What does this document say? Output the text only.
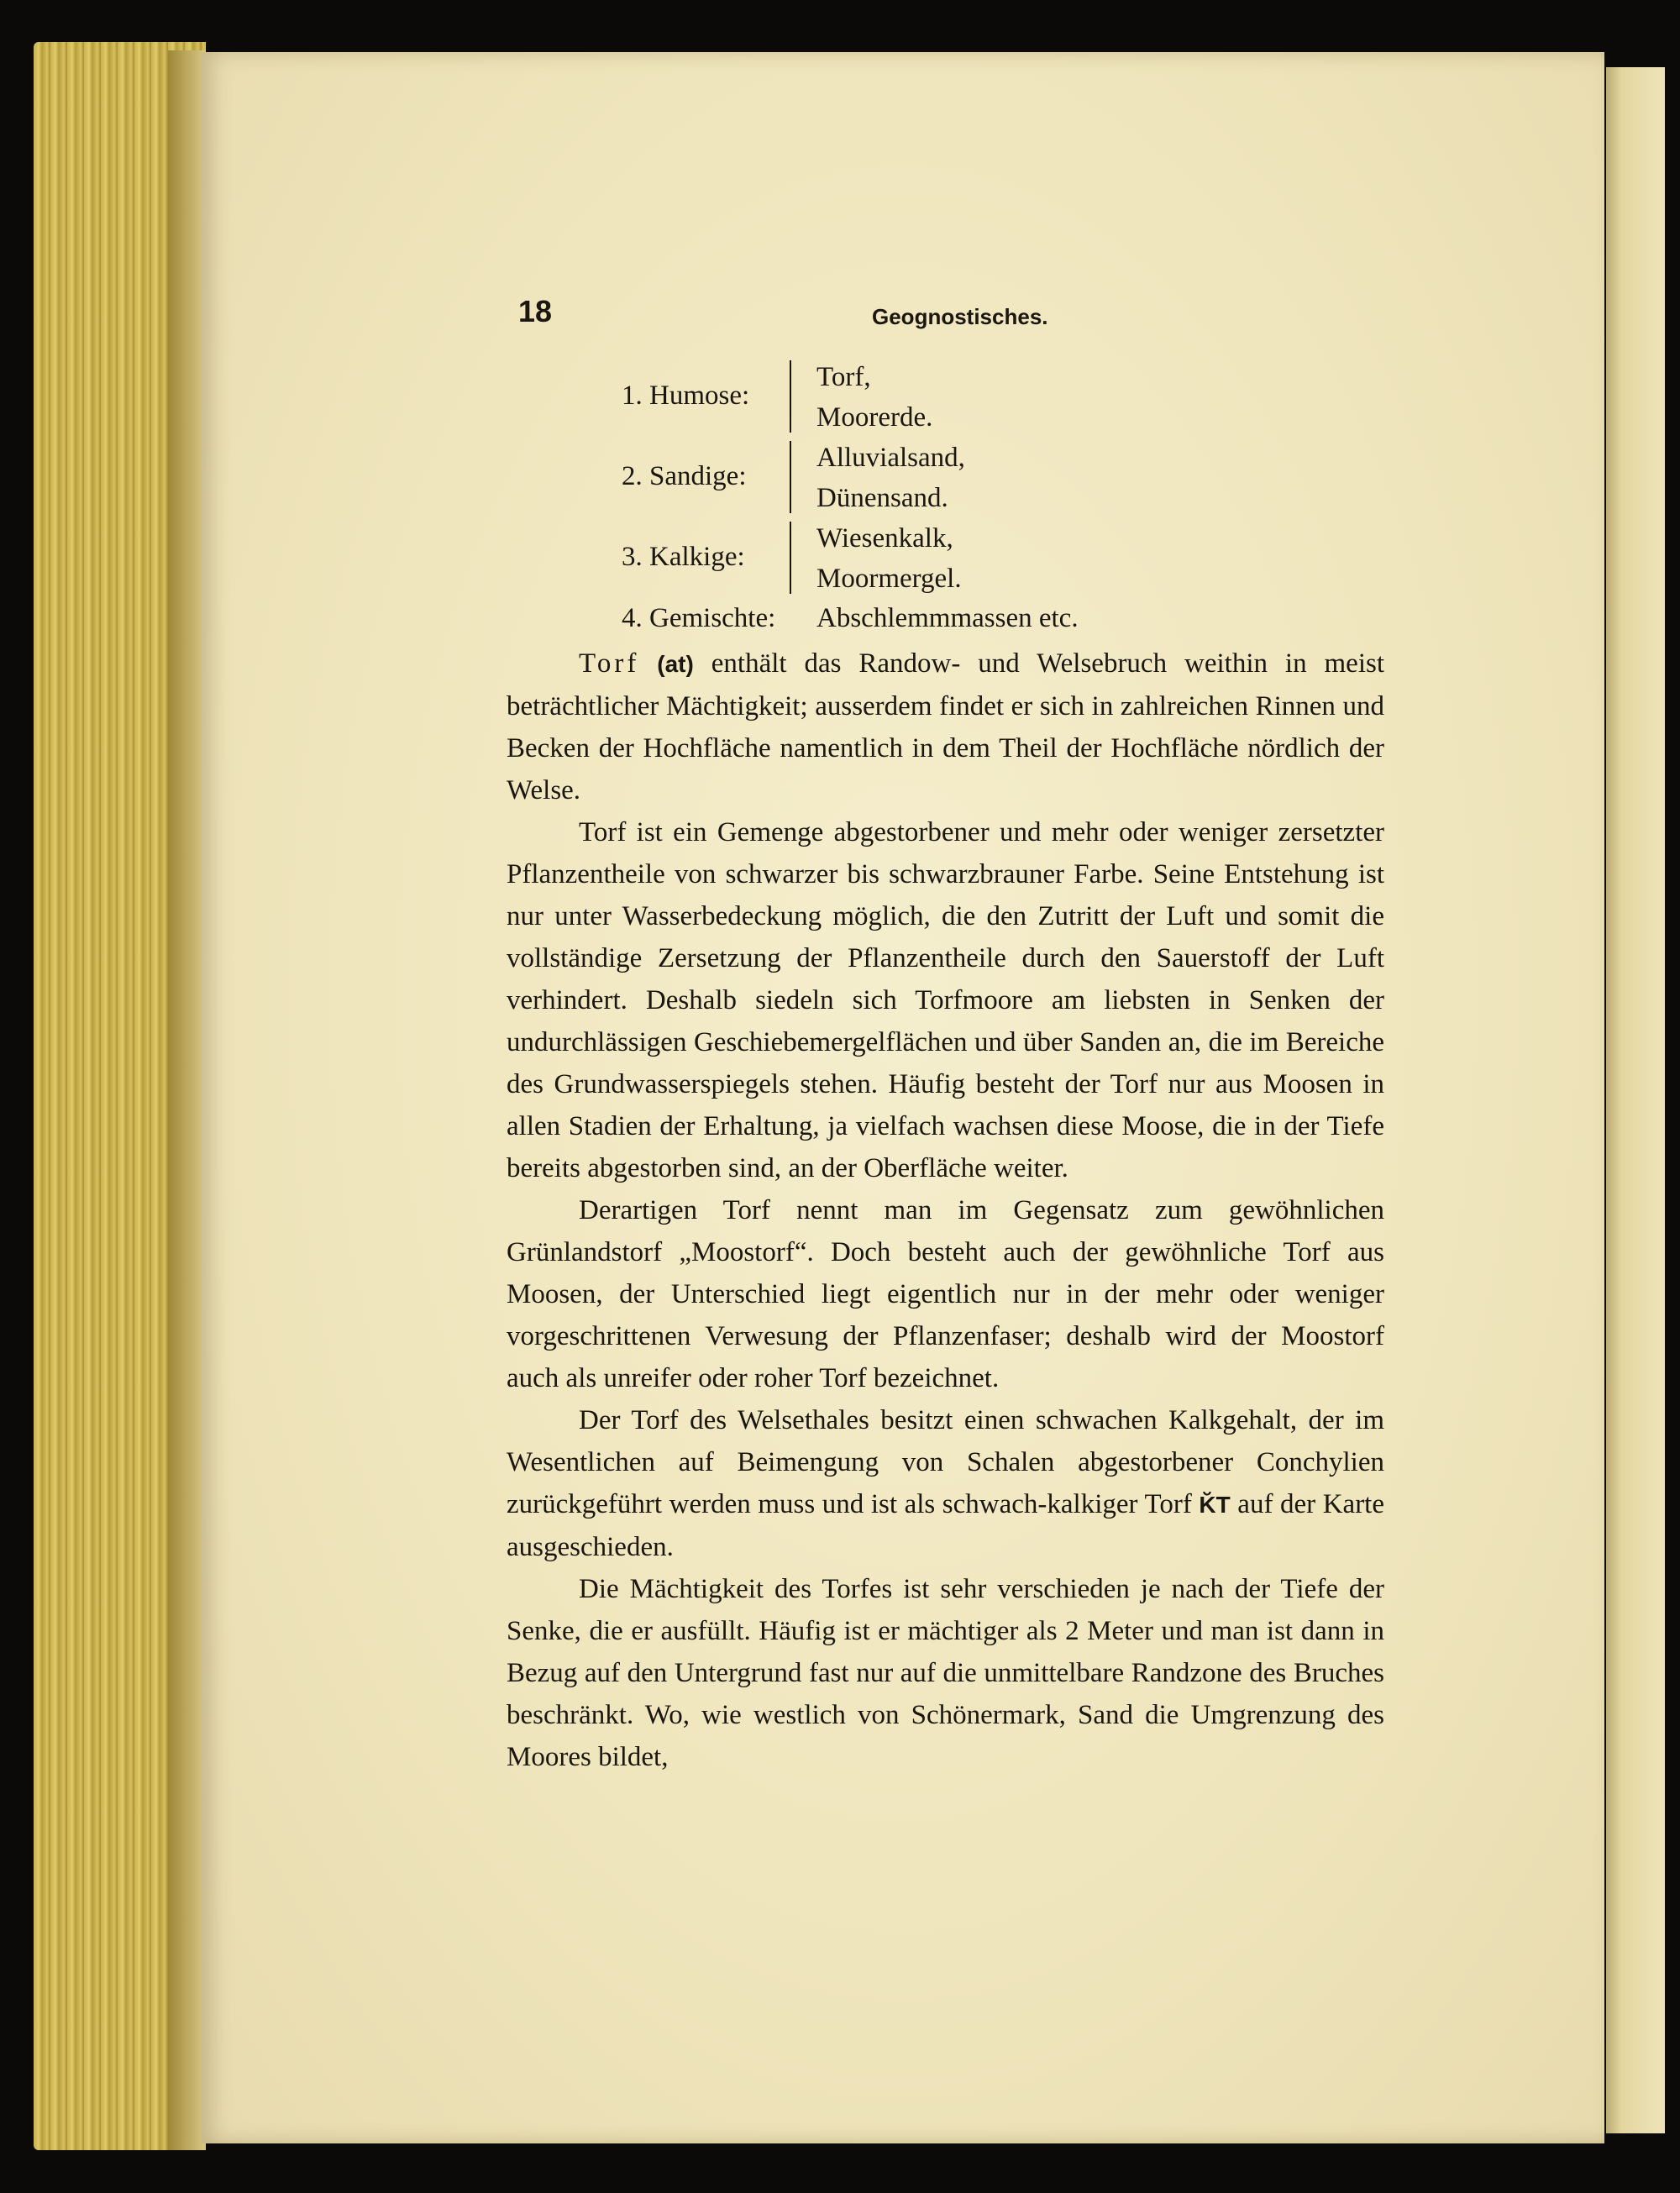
18	Geognostisches.
1. Humose:
Torf,
Moorerde.
2. Sandige:
Alluvialsand,
Dünensand.
3. Kalkige:
Wiesenkalk,
Moormergel.
4. Gemischte: Abschlemmmassen etc.

Torf (at) enthält das Randow- und Welsebruch weithin in meist beträchtlicher Mächtigkeit; ausserdem findet er sich in zahlreichen Rinnen und Becken der Hochfläche namentlich in dem Theil der Hochfläche nördlich der Welse.

Torf ist ein Gemenge abgestorbener und mehr oder weniger zersetzter Pflanzentheile von schwarzer bis schwarzbrauner Farbe. Seine Entstehung ist nur unter Wasserbedeckung möglich, die den Zutritt der Luft und somit die vollständige Zersetzung der Pflanzentheile durch den Sauerstoff der Luft verhindert. Deshalb siedeln sich Torfmoore am liebsten in Senken der undurchlässigen Geschiebemergelflächen und über Sanden an, die im Bereiche des Grundwasserspiegels stehen. Häufig besteht der Torf nur aus Moosen in allen Stadien der Erhaltung, ja vielfach wachsen diese Moose, die in der Tiefe bereits abgestorben sind, an der Oberfläche weiter.

Derartigen Torf nennt man im Gegensatz zum gewöhnlichen Grünlandstorf „Moostorf“. Doch besteht auch der gewöhnliche Torf aus Moosen, der Unterschied liegt eigentlich nur in der mehr oder weniger vorgeschrittenen Verwesung der Pflanzenfaser; deshalb wird der Moostorf auch als unreifer oder roher Torf bezeichnet.

Der Torf des Welsethales besitzt einen schwachen Kalkgehalt, der im Wesentlichen auf Beimengung von Schalen abgestorbener Conchylien zurückgeführt werden muss und ist als schwach-kalkiger Torf K̆T auf der Karte ausgeschieden.

Die Mächtigkeit des Torfes ist sehr verschieden je nach der Tiefe der Senke, die er ausfüllt. Häufig ist er mächtiger als 2 Meter und man ist dann in Bezug auf den Untergrund fast nur auf die unmittelbare Randzone des Bruches beschränkt. Wo, wie westlich von Schönermark, Sand die Umgrenzung des Moores bildet,
